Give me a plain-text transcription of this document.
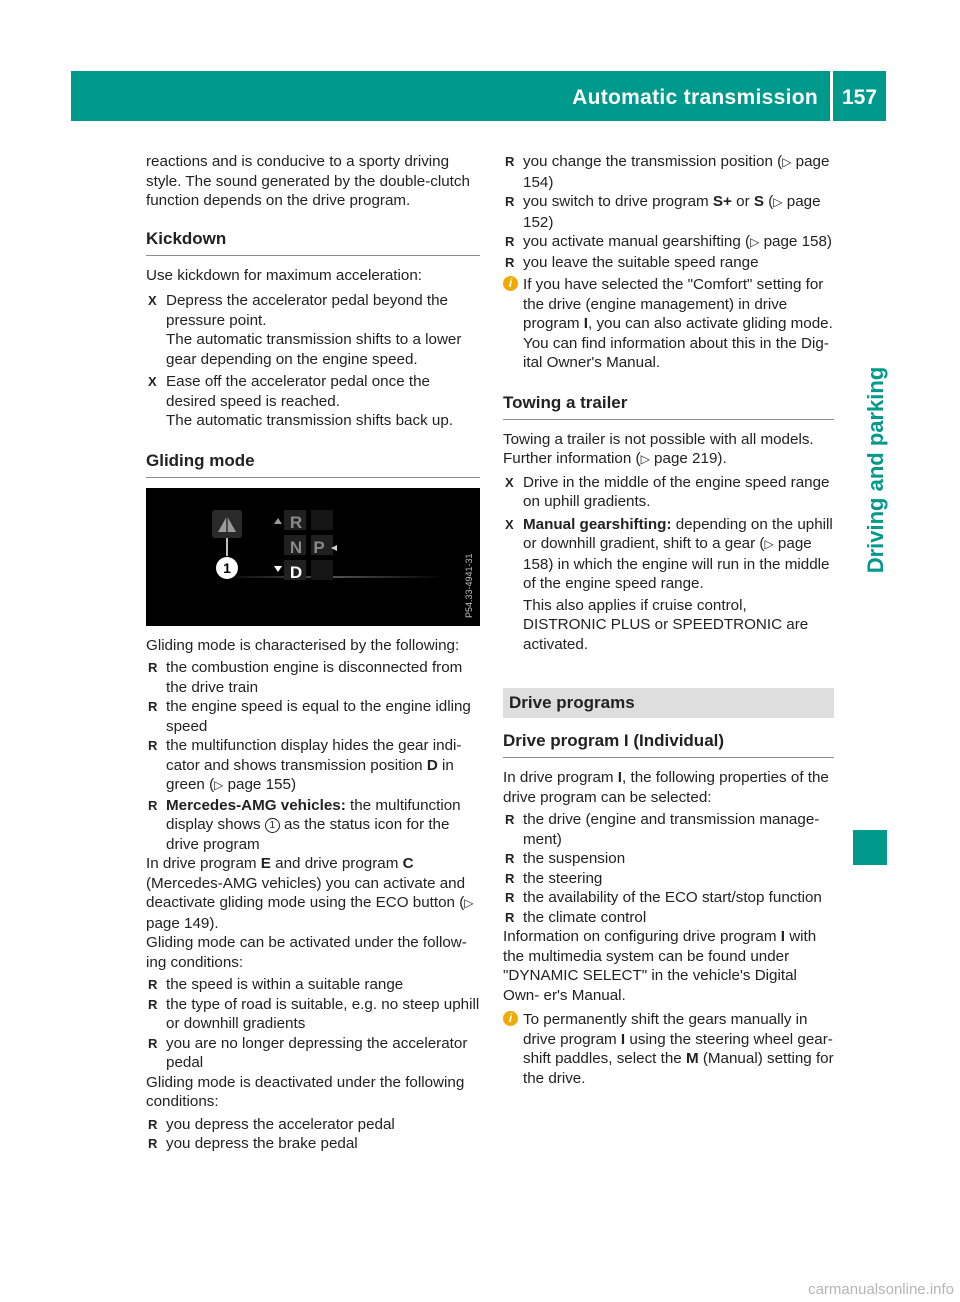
Automatic transmission 157
Driving and parking

reactions and is conducive to a sporty driving style. The sound generated by the double-clutch function depends on the drive program.

Kickdown

Use kickdown for maximum acceleration:

X Depress the accelerator pedal beyond the pressure point.

The automatic transmission shifts to a lower gear depending on the engine speed.

X Ease off the accelerator pedal once the desired speed is reached.

The automatic transmission shifts back up.

Gliding mode
R
N P
D
1	P54.33-4941-31

Gliding mode is characterised by the following:

R the combustion engine is disconnected from the drive train
R the engine speed is equal to the engine idling speed
R the multifunction display hides the gear indi- cator and shows transmission position D in green (▷ page 155)
R Mercedes-AMG vehicles: the multifunction display shows 1 as the status icon for the drive program

In drive program E and drive program C (Mercedes-AMG vehicles) you can activate and deactivate gliding mode using the ECO button (▷ page 149).

Gliding mode can be activated under the follow- ing conditions:

R the speed is within a suitable range
R the type of road is suitable, e.g. no steep uphill or downhill gradients
R you are no longer depressing the accelerator pedal

Gliding mode is deactivated under the following conditions:

R you depress the accelerator pedal
R you depress the brake pedal
R you change the transmission position (▷ page 154)
R you switch to drive program S+ or S (▷ page 152)
R you activate manual gearshifting (▷ page 158)
R you leave the suitable speed range
i If you have selected the "Comfort" setting for the drive (engine management) in drive program I, you can also activate gliding mode. You can find information about this in the Dig- ital Owner's Manual.
Towing a trailer

Towing a trailer is not possible with all models. Further information (▷ page 219).

X Drive in the middle of the engine speed range on uphill gradients.

X Manual gearshifting: depending on the uphill or downhill gradient, shift to a gear (▷ page 158) in which the engine will run in the middle of the engine speed range.

This also applies if cruise control, DISTRONIC PLUS or SPEEDTRONIC are activated.

Drive programs
Drive program I (Individual)

In drive program I, the following properties of the drive program can be selected:

R the drive (engine and transmission manage- ment)
R the suspension
R the steering
R the availability of the ECO start/stop function
R the climate control

Information on configuring drive program I with the multimedia system can be found under "DYNAMIC SELECT" in the vehicle's Digital Own- er's Manual.

i To permanently shift the gears manually in drive program I using the steering wheel gear- shift paddles, select the M (Manual) setting for the drive.
carmanualsonline.info
